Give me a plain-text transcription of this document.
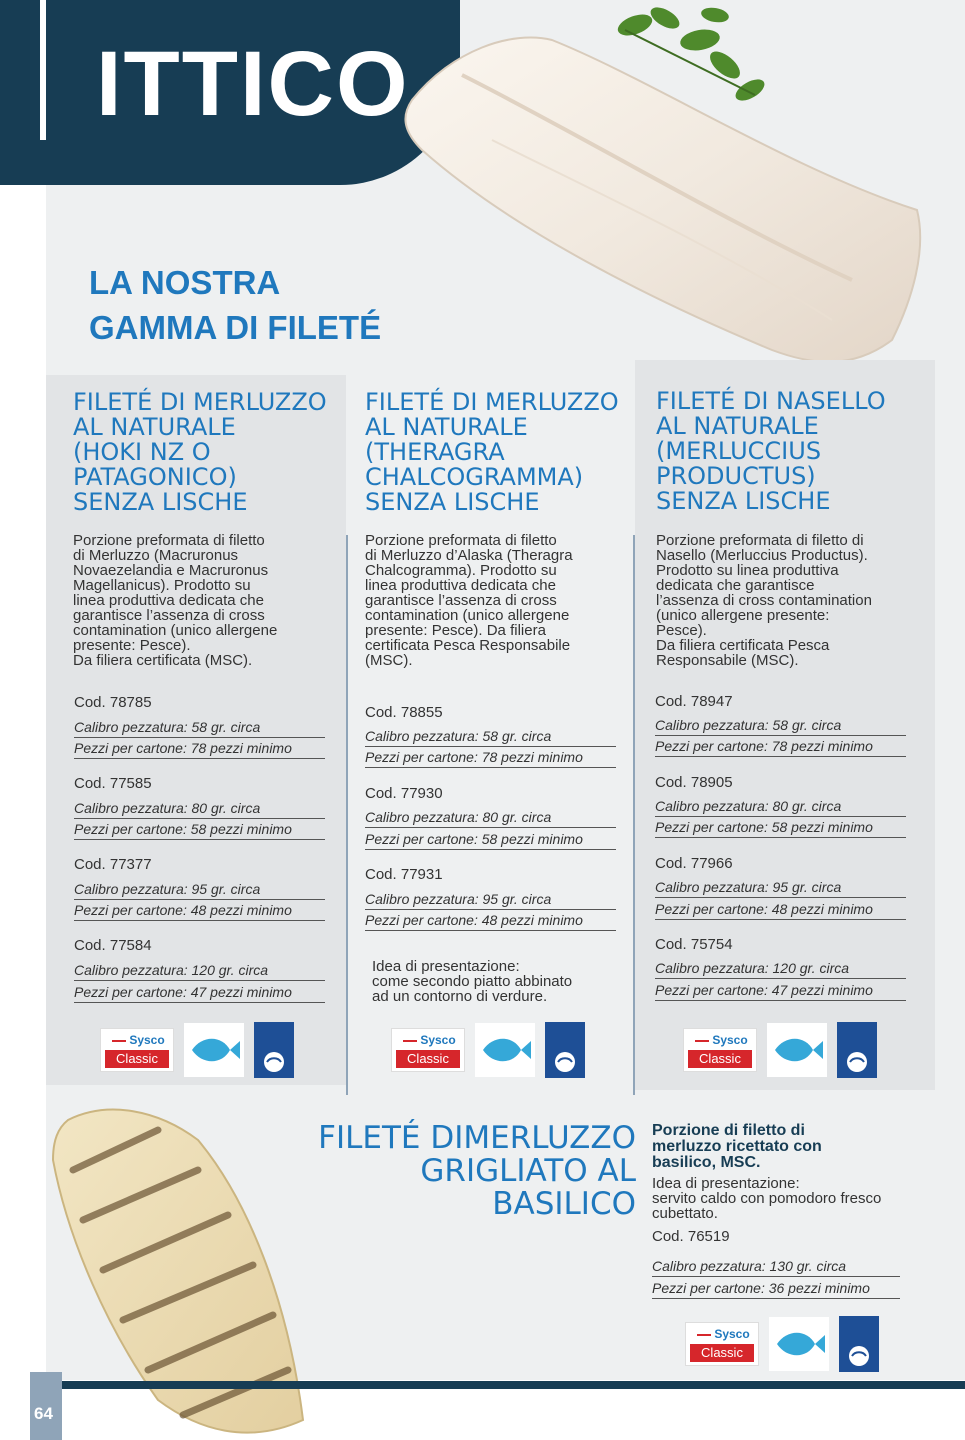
ITTICO
LA NOSTRA
GAMMA DI FILETÉ
FILETÉ DI MERLUZZO
AL NATURALE
(HOKI NZ O
PATAGONICO)
SENZA LISCHE
Porzione preformata di filetto
di Merluzzo (Macruronus
Novaezelandia e Macruronus
Magellanicus). Prodotto su
linea produttiva dedicata che
garantisce l’assenza di cross
contamination (unico allergene
presente: Pesce).
Da filiera certificata (MSC).
Cod. 78785
Calibro pezzatura: 58 gr. circa
Pezzi per cartone: 78 pezzi minimo
Cod. 77585
Calibro pezzatura: 80 gr. circa
Pezzi per cartone: 58 pezzi minimo
Cod. 77377
Calibro pezzatura: 95 gr. circa
Pezzi per cartone: 48 pezzi minimo
Cod. 77584
Calibro pezzatura: 120 gr. circa
Pezzi per cartone: 47 pezzi minimo
Sysco
Classic
FILETÉ DI MERLUZZO
AL NATURALE
(THERAGRA
CHALCOGRAMMA)
SENZA LISCHE
Porzione preformata di filetto
di Merluzzo d’Alaska (Theragra
Chalcogramma). Prodotto su
linea produttiva dedicata che
garantisce l’assenza di cross
contamination (unico allergene
presente: Pesce). Da filiera
certificata Pesca Responsabile
(MSC).
Cod. 78855
Calibro pezzatura: 58 gr. circa
Pezzi per cartone: 78 pezzi minimo
Cod. 77930
Calibro pezzatura: 80 gr. circa
Pezzi per cartone: 58 pezzi minimo
Cod. 77931
Calibro pezzatura: 95 gr. circa
Pezzi per cartone: 48 pezzi minimo
Idea di presentazione:
come secondo piatto abbinato
ad un contorno di verdure.
Sysco
Classic
FILETÉ DI NASELLO
AL NATURALE
(MERLUCCIUS
PRODUCTUS)
SENZA LISCHE
Porzione preformata di filetto di
Nasello (Merluccius Productus).
Prodotto su linea produttiva
dedicata che garantisce
l’assenza di cross contamination
(unico allergene presente:
Pesce).
Da filiera certificata Pesca
Responsabile (MSC).
Cod. 78947
Calibro pezzatura: 58 gr. circa
Pezzi per cartone: 78 pezzi minimo
Cod. 78905
Calibro pezzatura: 80 gr. circa
Pezzi per cartone: 58 pezzi minimo
Cod. 77966
Calibro pezzatura: 95 gr. circa
Pezzi per cartone: 48 pezzi minimo
Cod. 75754
Calibro pezzatura: 120 gr. circa
Pezzi per cartone: 47 pezzi minimo
Sysco
Classic
FILETÉ DIMERLUZZO
GRIGLIATO AL
BASILICO
Porzione di filetto di
merluzzo ricettato con
basilico, MSC.
Idea di presentazione:
servito caldo con pomodoro fresco
cubettato.
Cod. 76519
Calibro pezzatura: 130 gr. circa
Pezzi per cartone: 36 pezzi minimo
Sysco
Classic
64
